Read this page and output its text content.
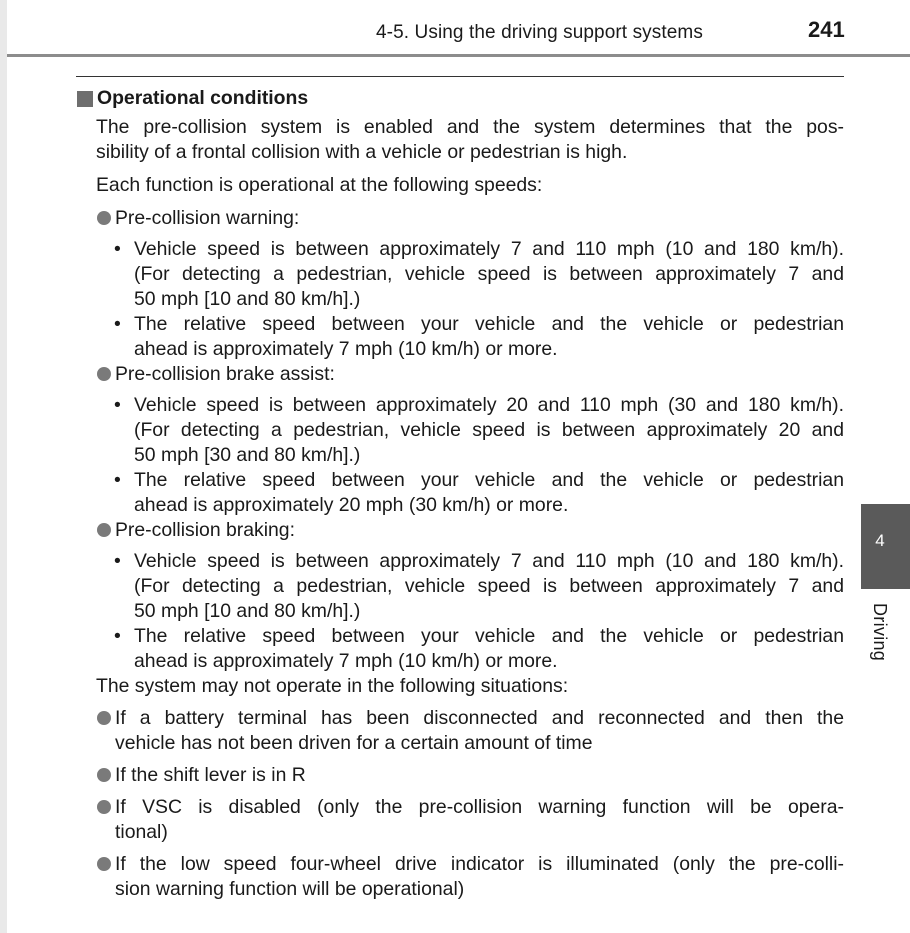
4-5. Using the driving support systems	241
4
Driving
Operational conditions
The pre-collision system is enabled and the system determines that the pos-
sibility of a frontal collision with a vehicle or pedestrian is high.
Each function is operational at the following speeds:
Pre-collision warning:
• Vehicle speed is between approximately 7 and 110 mph (10 and 180 km/h).
(For detecting a pedestrian, vehicle speed is between approximately 7 and
50 mph [10 and 80 km/h].)
• The relative speed between your vehicle and the vehicle or pedestrian
ahead is approximately 7 mph (10 km/h) or more.
Pre-collision brake assist:
• Vehicle speed is between approximately 20 and 110 mph (30 and 180 km/h).
(For detecting a pedestrian, vehicle speed is between approximately 20 and
50 mph [30 and 80 km/h].)
• The relative speed between your vehicle and the vehicle or pedestrian
ahead is approximately 20 mph (30 km/h) or more.
Pre-collision braking:
• Vehicle speed is between approximately 7 and 110 mph (10 and 180 km/h).
(For detecting a pedestrian, vehicle speed is between approximately 7 and
50 mph [10 and 80 km/h].)
• The relative speed between your vehicle and the vehicle or pedestrian
ahead is approximately 7 mph (10 km/h) or more.
The system may not operate in the following situations:
If a battery terminal has been disconnected and reconnected and then the
vehicle has not been driven for a certain amount of time
If the shift lever is in R
If VSC is disabled (only the pre-collision warning function will be opera-
tional)
If the low speed four-wheel drive indicator is illuminated (only the pre-colli-
sion warning function will be operational)
